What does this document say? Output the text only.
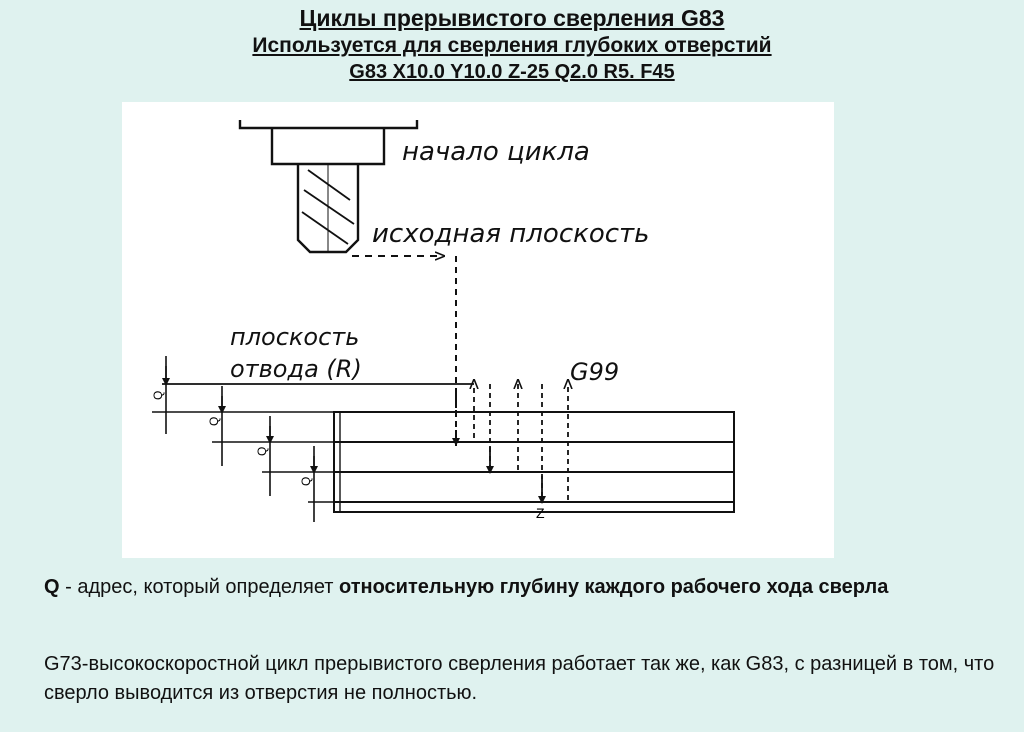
Циклы прерывистого сверления G83
Используется для сверления глубоких отверстий
G83 X10.0 Y10.0 Z-25 Q2.0 R5. F45
начало цикла
исходная плоскость
плоскость
отвода (R)	G99
Z
Q
Q
Q
Q
Q - адрес, который определяет относительную глубину каждого рабочего хода сверла
G73-высокоскоростной цикл прерывистого сверления работает так же, как G83, с разницей в том, что сверло выводится из отверстия не полностью.
